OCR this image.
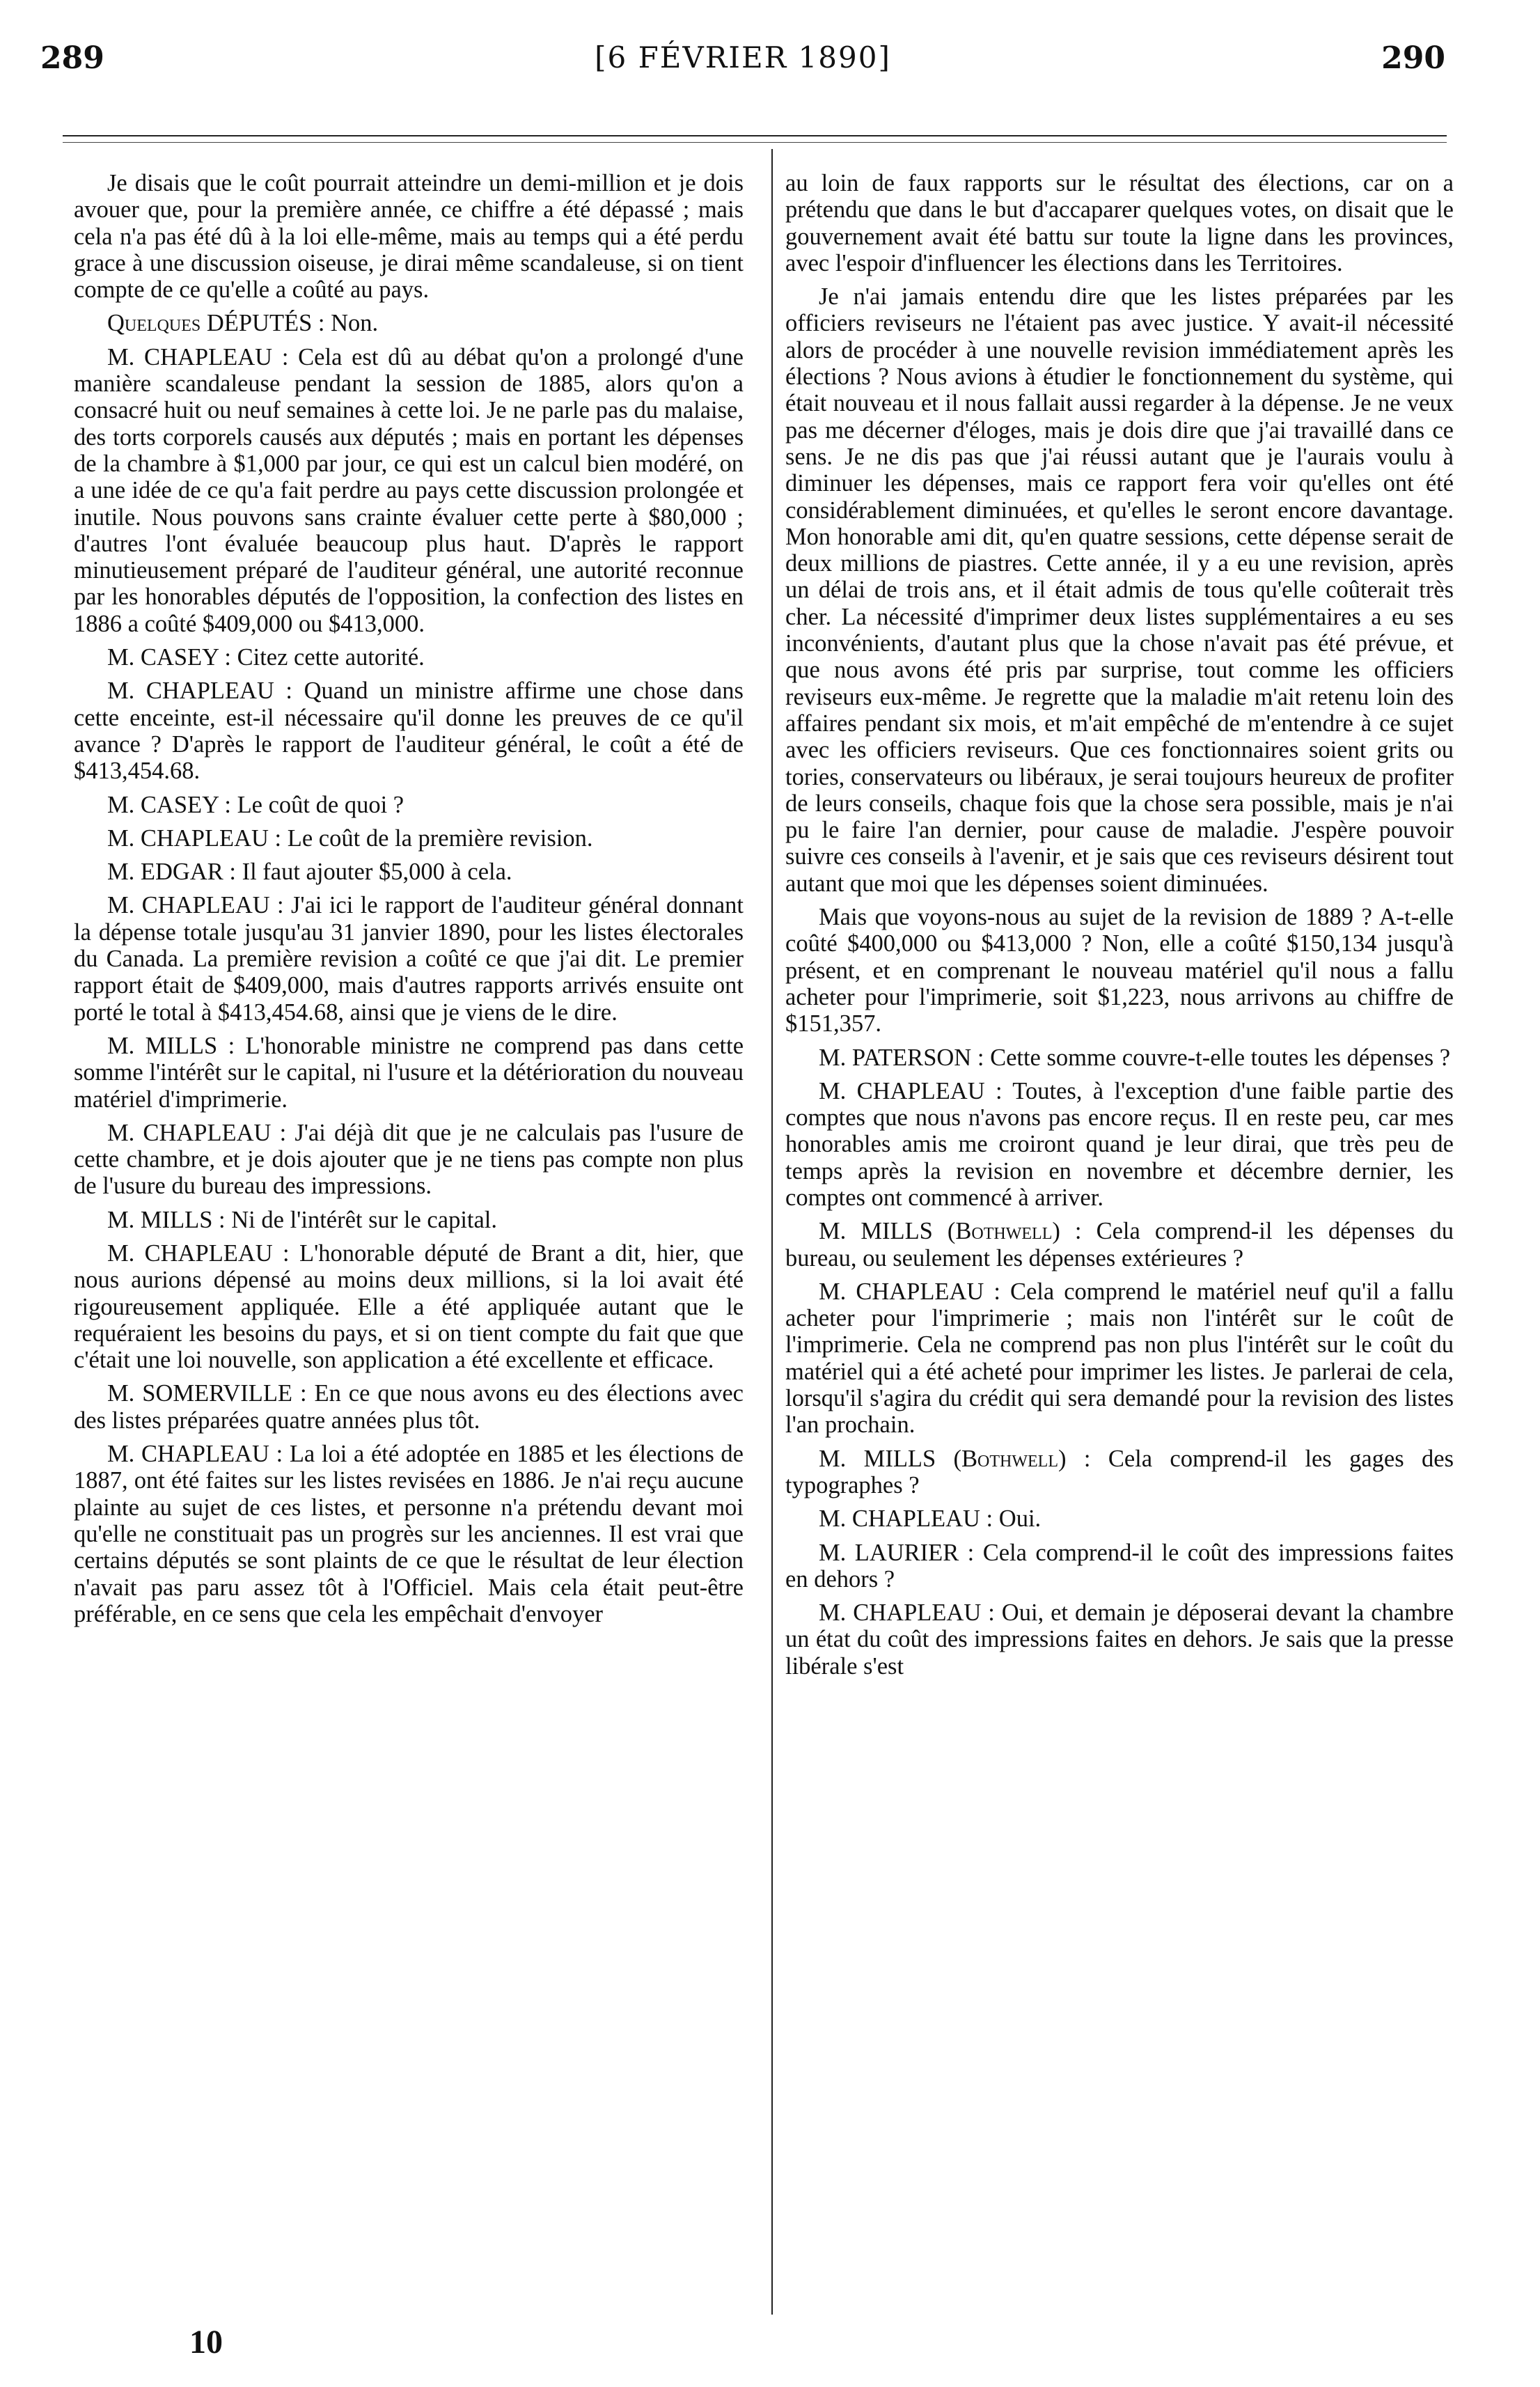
289	[6 FÉVRIER 1890]	290

Je disais que le coût pourrait atteindre un demi-million et je dois avouer que, pour la première année, ce chiffre a été dépassé ; mais cela n'a pas été dû à la loi elle-même, mais au temps qui a été perdu grace à une discussion oiseuse, je dirai même scandaleuse, si on tient compte de ce qu'elle a coûté au pays.

Quelques DÉPUTÉS : Non.

M. CHAPLEAU : Cela est dû au débat qu'on a prolongé d'une manière scandaleuse pendant la session de 1885, alors qu'on a consacré huit ou neuf semaines à cette loi. Je ne parle pas du malaise, des torts corporels causés aux députés ; mais en portant les dépenses de la chambre à $1,000 par jour, ce qui est un calcul bien modéré, on a une idée de ce qu'a fait perdre au pays cette discussion prolongée et inutile. Nous pouvons sans crainte évaluer cette perte à $80,000 ; d'autres l'ont évaluée beaucoup plus haut. D'après le rapport minutieusement préparé de l'auditeur général, une autorité reconnue par les honorables députés de l'opposition, la confection des listes en 1886 a coûté $409,000 ou $413,000.

M. CASEY : Citez cette autorité.

M. CHAPLEAU : Quand un ministre affirme une chose dans cette enceinte, est-il nécessaire qu'il donne les preuves de ce qu'il avance ? D'après le rapport de l'auditeur général, le coût a été de $413,454.68.

M. CASEY : Le coût de quoi ?

M. CHAPLEAU : Le coût de la première revision.

M. EDGAR : Il faut ajouter $5,000 à cela.

M. CHAPLEAU : J'ai ici le rapport de l'auditeur général donnant la dépense totale jusqu'au 31 janvier 1890, pour les listes électorales du Canada. La première revision a coûté ce que j'ai dit. Le premier rapport était de $409,000, mais d'autres rapports arrivés ensuite ont porté le total à $413,454.68, ainsi que je viens de le dire.

M. MILLS : L'honorable ministre ne comprend pas dans cette somme l'intérêt sur le capital, ni l'usure et la détérioration du nouveau matériel d'imprimerie.

M. CHAPLEAU : J'ai déjà dit que je ne calculais pas l'usure de cette chambre, et je dois ajouter que je ne tiens pas compte non plus de l'usure du bureau des impressions.

M. MILLS : Ni de l'intérêt sur le capital.

M. CHAPLEAU : L'honorable député de Brant a dit, hier, que nous aurions dépensé au moins deux millions, si la loi avait été rigoureusement appliquée. Elle a été appliquée autant que le requéraient les besoins du pays, et si on tient compte du fait que que c'était une loi nouvelle, son application a été excellente et efficace.

M. SOMERVILLE : En ce que nous avons eu des élections avec des listes préparées quatre années plus tôt.

M. CHAPLEAU : La loi a été adoptée en 1885 et les élections de 1887, ont été faites sur les listes revisées en 1886. Je n'ai reçu aucune plainte au sujet de ces listes, et personne n'a prétendu devant moi qu'elle ne constituait pas un progrès sur les anciennes. Il est vrai que certains députés se sont plaints de ce que le résultat de leur élection n'avait pas paru assez tôt à l'Officiel. Mais cela était peut-être préférable, en ce sens que cela les empêchait d'envoyer

au loin de faux rapports sur le résultat des élections, car on a prétendu que dans le but d'accaparer quelques votes, on disait que le gouvernement avait été battu sur toute la ligne dans les provinces, avec l'espoir d'influencer les élections dans les Territoires.

Je n'ai jamais entendu dire que les listes préparées par les officiers reviseurs ne l'étaient pas avec justice. Y avait-il nécessité alors de procéder à une nouvelle revision immédiatement après les élections ? Nous avions à étudier le fonctionnement du système, qui était nouveau et il nous fallait aussi regarder à la dépense. Je ne veux pas me décerner d'éloges, mais je dois dire que j'ai travaillé dans ce sens. Je ne dis pas que j'ai réussi autant que je l'aurais voulu à diminuer les dépenses, mais ce rapport fera voir qu'elles ont été considérablement diminuées, et qu'elles le seront encore davantage. Mon honorable ami dit, qu'en quatre sessions, cette dépense serait de deux millions de piastres. Cette année, il y a eu une revision, après un délai de trois ans, et il était admis de tous qu'elle coûterait très cher. La nécessité d'imprimer deux listes supplémentaires a eu ses inconvénients, d'autant plus que la chose n'avait pas été prévue, et que nous avons été pris par surprise, tout comme les officiers reviseurs eux-même. Je regrette que la maladie m'ait retenu loin des affaires pendant six mois, et m'ait empêché de m'entendre à ce sujet avec les officiers reviseurs. Que ces fonctionnaires soient grits ou tories, conservateurs ou libéraux, je serai toujours heureux de profiter de leurs conseils, chaque fois que la chose sera possible, mais je n'ai pu le faire l'an dernier, pour cause de maladie. J'espère pouvoir suivre ces conseils à l'avenir, et je sais que ces reviseurs désirent tout autant que moi que les dépenses soient diminuées.

Mais que voyons-nous au sujet de la revision de 1889 ? A-t-elle coûté $400,000 ou $413,000 ? Non, elle a coûté $150,134 jusqu'à présent, et en comprenant le nouveau matériel qu'il nous a fallu acheter pour l'imprimerie, soit $1,223, nous arrivons au chiffre de $151,357.

M. PATERSON : Cette somme couvre-t-elle toutes les dépenses ?

M. CHAPLEAU : Toutes, à l'exception d'une faible partie des comptes que nous n'avons pas encore reçus. Il en reste peu, car mes honorables amis me croiront quand je leur dirai, que très peu de temps après la revision en novembre et décembre dernier, les comptes ont commencé à arriver.

M. MILLS (Bothwell) : Cela comprend-il les dépenses du bureau, ou seulement les dépenses extérieures ?

M. CHAPLEAU : Cela comprend le matériel neuf qu'il a fallu acheter pour l'imprimerie ; mais non l'intérêt sur le coût de l'imprimerie. Cela ne comprend pas non plus l'intérêt sur le coût du matériel qui a été acheté pour imprimer les listes. Je parlerai de cela, lorsqu'il s'agira du crédit qui sera demandé pour la revision des listes l'an prochain.

M. MILLS (Bothwell) : Cela comprend-il les gages des typographes ?

M. CHAPLEAU : Oui.

M. LAURIER : Cela comprend-il le coût des impressions faites en dehors ?

M. CHAPLEAU : Oui, et demain je déposerai devant la chambre un état du coût des impressions faites en dehors. Je sais que la presse libérale s'est

10
